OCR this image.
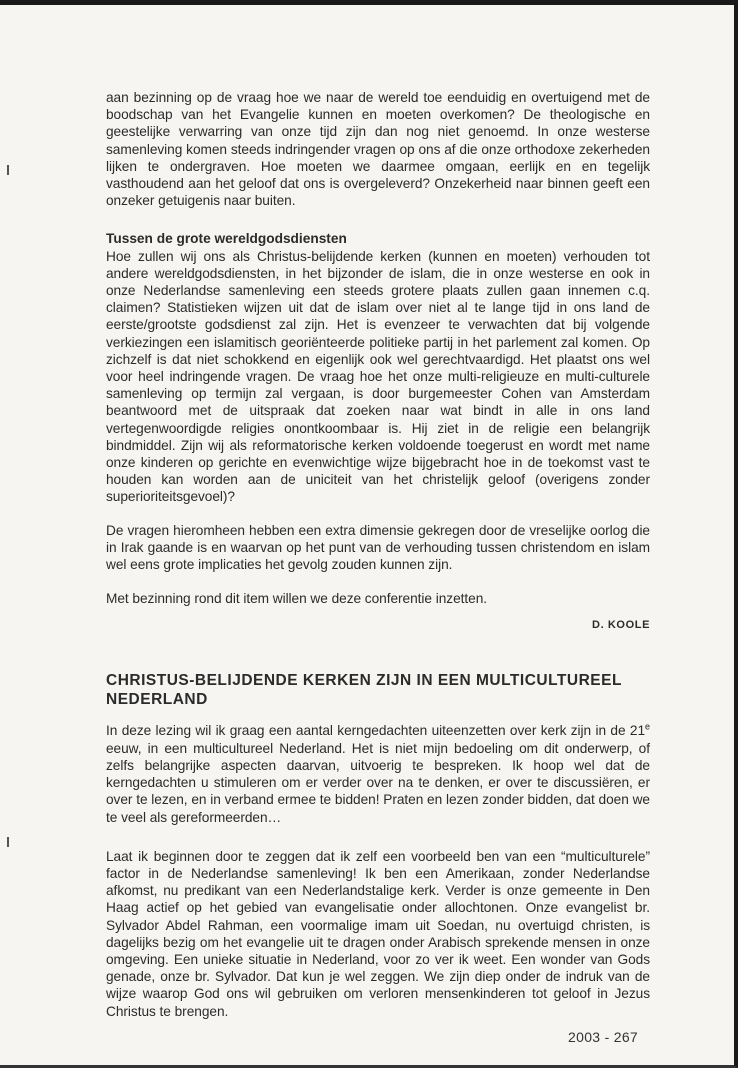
aan bezinning op de vraag hoe we naar de wereld toe eenduidig en overtuigend met de boodschap van het Evangelie kunnen en moeten overkomen? De theologische en geestelijke verwarring van onze tijd zijn dan nog niet genoemd. In onze westerse samenleving komen steeds indringender vragen op ons af die onze orthodoxe zekerheden lijken te ondergraven. Hoe moeten we daarmee omgaan, eerlijk en en tegelijk vasthoudend aan het geloof dat ons is overgeleverd? Onzekerheid naar binnen geeft een onzeker getuigenis naar buiten.

Tussen de grote wereldgodsdiensten

Hoe zullen wij ons als Christus-belijdende kerken (kunnen en moeten) verhouden tot andere wereldgodsdiensten, in het bijzonder de islam, die in onze westerse en ook in onze Nederlandse samenleving een steeds grotere plaats zullen gaan innemen c.q. claimen? Statistieken wijzen uit dat de islam over niet al te lange tijd in ons land de eerste/grootste godsdienst zal zijn. Het is evenzeer te verwachten dat bij volgende verkiezingen een islamitisch georiënteerde politieke partij in het parlement zal komen. Op zichzelf is dat niet schokkend en eigenlijk ook wel gerechtvaardigd. Het plaatst ons wel voor heel indringende vragen. De vraag hoe het onze multi-religieuze en multi-culturele samenleving op termijn zal vergaan, is door burgemeester Cohen van Amsterdam beantwoord met de uitspraak dat zoeken naar wat bindt in alle in ons land vertegenwoordigde religies onontkoombaar is. Hij ziet in de religie een belangrijk bindmiddel. Zijn wij als reformatorische kerken voldoende toegerust en wordt met name onze kinderen op gerichte en evenwichtige wijze bijgebracht hoe in de toekomst vast te houden kan worden aan de uniciteit van het christelijk geloof (overigens zonder superioriteitsgevoel)?

De vragen hieromheen hebben een extra dimensie gekregen door de vreselijke oorlog die in Irak gaande is en waarvan op het punt van de verhouding tussen christendom en islam wel eens grote implicaties het gevolg zouden kunnen zijn.

Met bezinning rond dit item willen we deze conferentie inzetten.

D. KOOLE
CHRISTUS-BELIJDENDE KERKEN ZIJN IN EEN MULTICULTUREEL NEDERLAND

In deze lezing wil ik graag een aantal kerngedachten uiteenzetten over kerk zijn in de 21e eeuw, in een multicultureel Nederland. Het is niet mijn bedoeling om dit onderwerp, of zelfs belangrijke aspecten daarvan, uitvoerig te bespreken. Ik hoop wel dat de kerngedachten u stimuleren om er verder over na te denken, er over te discussiëren, er over te lezen, en in verband ermee te bidden! Praten en lezen zonder bidden, dat doen we te veel als gereformeerden…

Laat ik beginnen door te zeggen dat ik zelf een voorbeeld ben van een “multiculturele” factor in de Nederlandse samenleving! Ik ben een Amerikaan, zonder Nederlandse afkomst, nu predikant van een Nederlandstalige kerk. Verder is onze gemeente in Den Haag actief op het gebied van evangelisatie onder allochtonen. Onze evangelist br. Sylvador Abdel Rahman, een voormalige imam uit Soedan, nu overtuigd christen, is dagelijks bezig om het evangelie uit te dragen onder Arabisch sprekende mensen in onze omgeving. Een unieke situatie in Nederland, voor zo ver ik weet. Een wonder van Gods genade, onze br. Sylvador. Dat kun je wel zeggen. We zijn diep onder de indruk van de wijze waarop God ons wil gebruiken om verloren mensenkinderen tot geloof in Jezus Christus te brengen.

2003 - 267
